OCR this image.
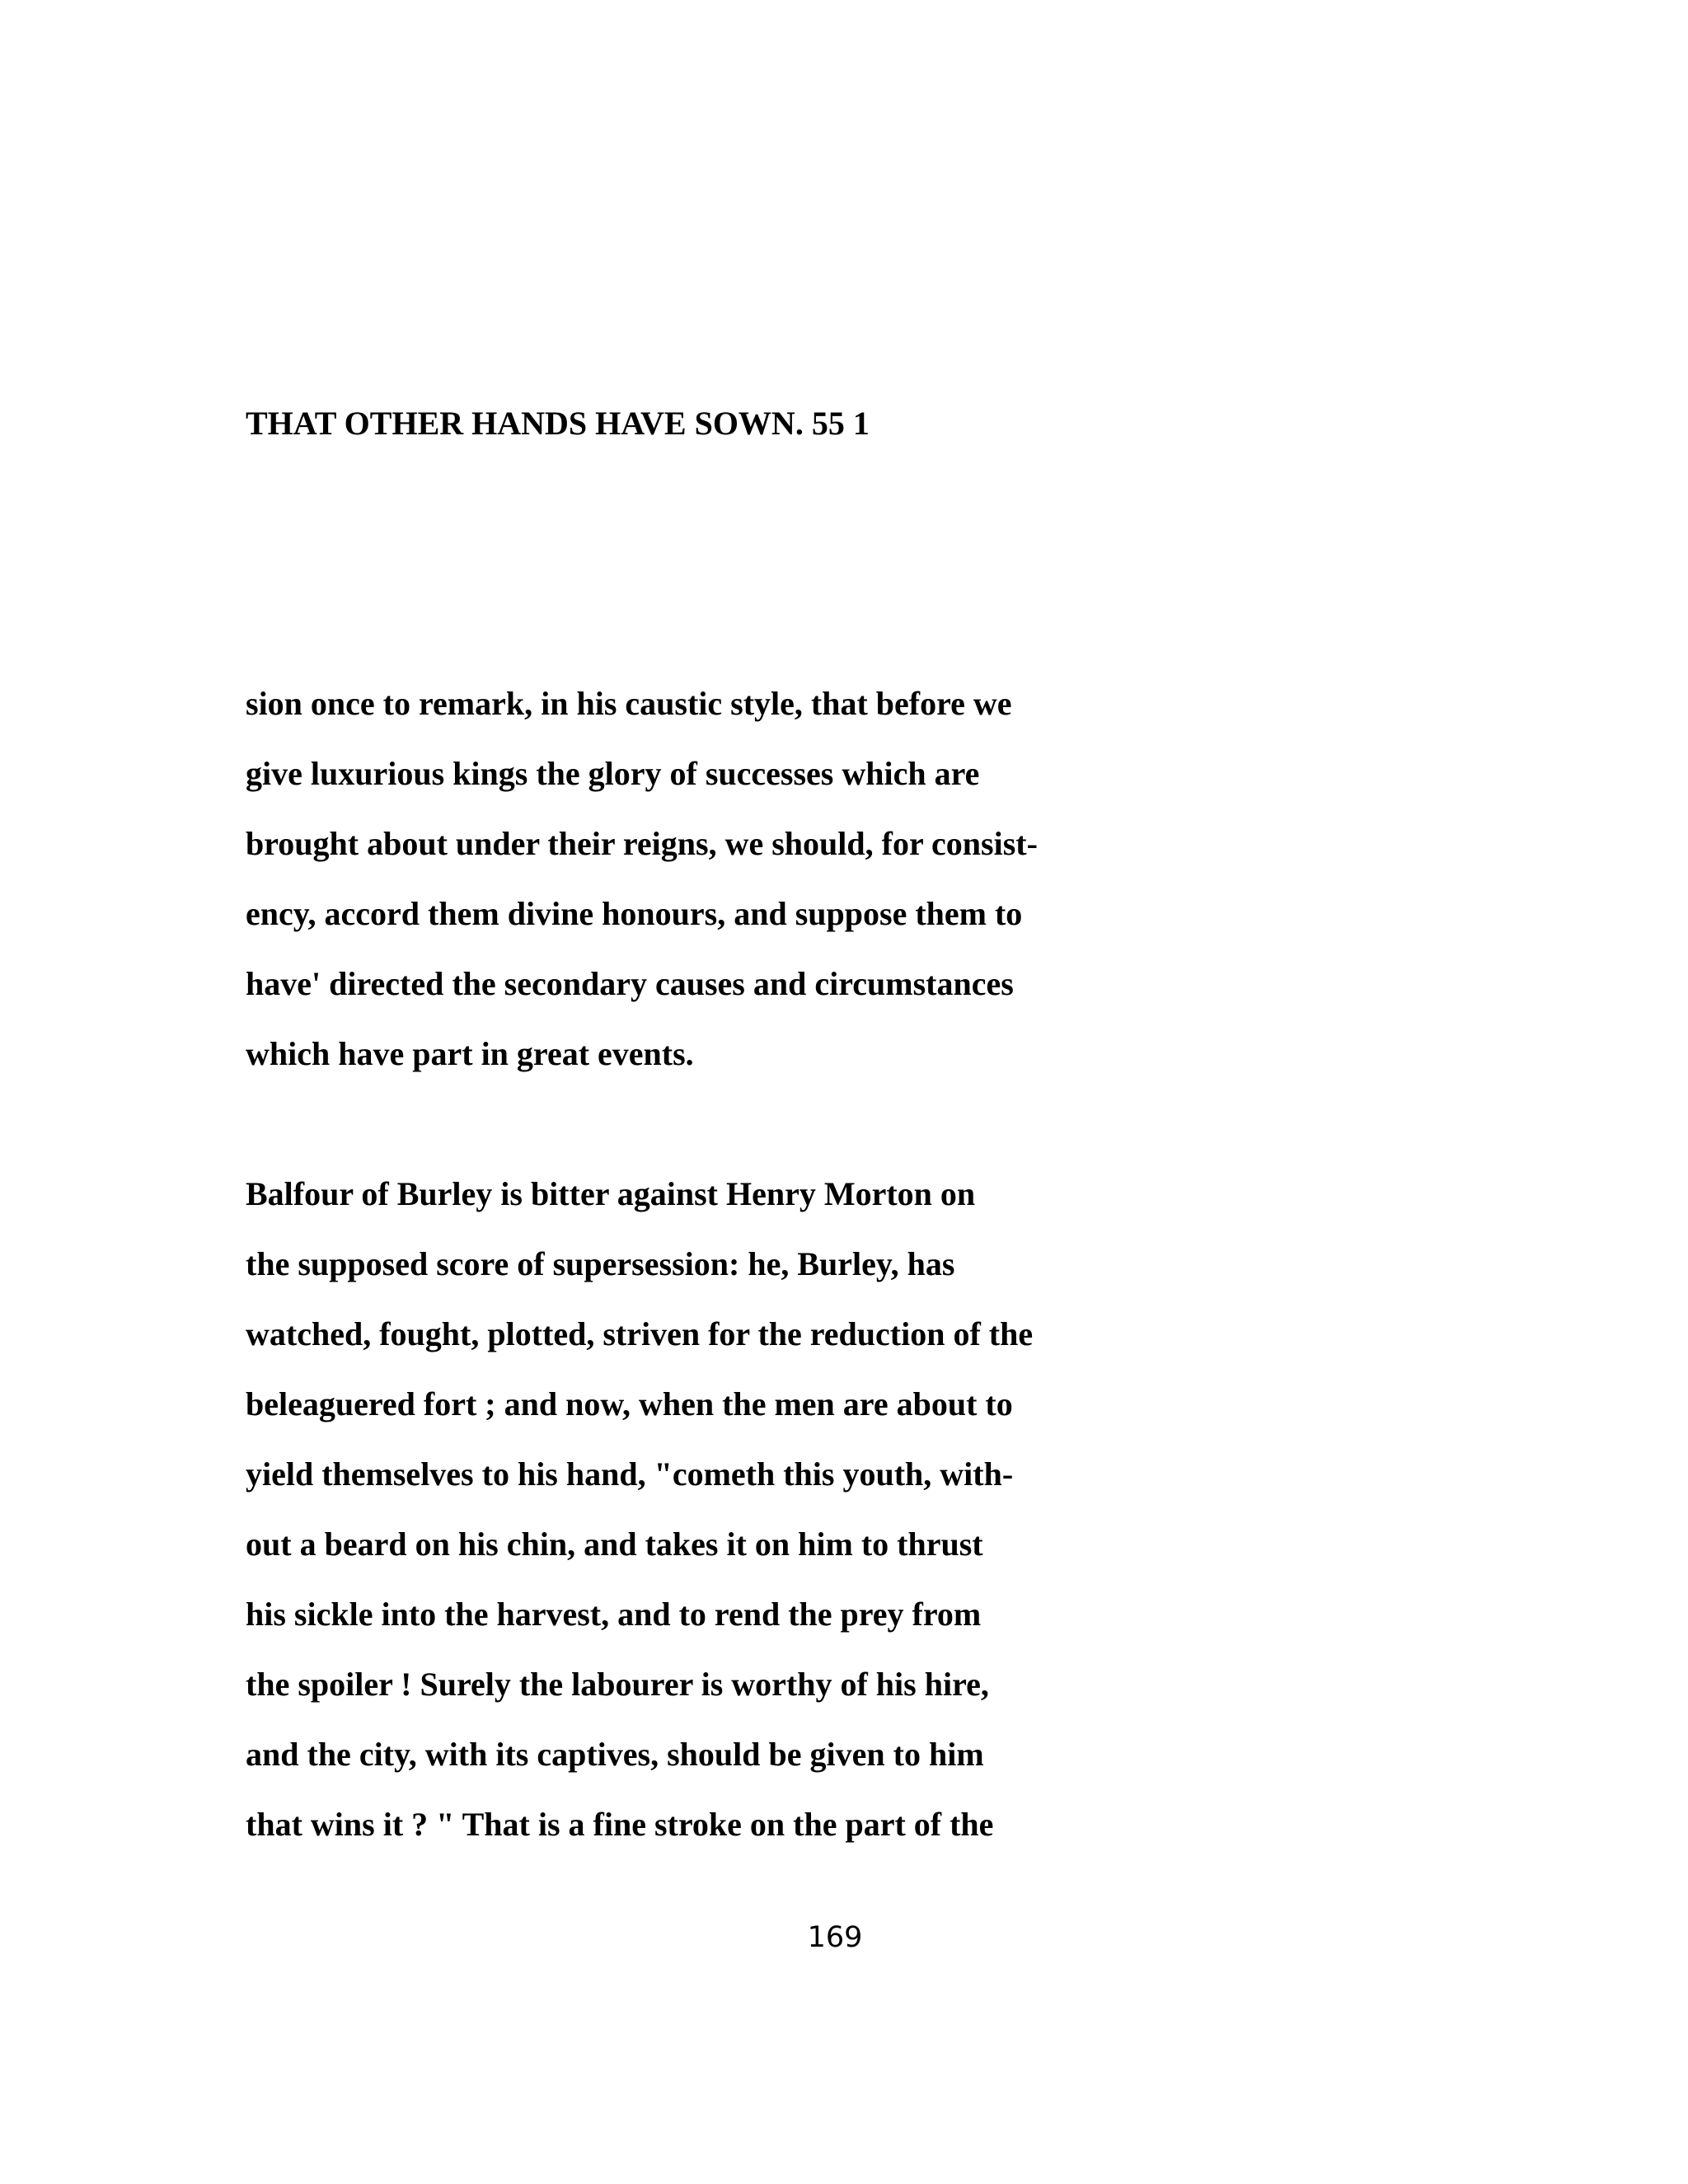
THAT OTHER HANDS HAVE SOWN. 55 1

sion once to remark, in his caustic style, that before we
give luxurious kings the glory of successes which are
brought about under their reigns, we should, for consist-
ency, accord them divine honours, and suppose them to
have' directed the secondary causes and circumstances
which have part in great events.
Balfour of Burley is bitter against Henry Morton on
the supposed score of supersession: he, Burley, has
watched, fought, plotted, striven for the reduction of the
beleaguered fort ; and now, when the men are about to
yield themselves to his hand, "cometh this youth, with-
out a beard on his chin, and takes it on him to thrust
his sickle into the harvest, and to rend the prey from
the spoiler ! Surely the labourer is worthy of his hire,
and the city, with its captives, should be given to him
that wins it ? " That is a fine stroke on the part of the

169
